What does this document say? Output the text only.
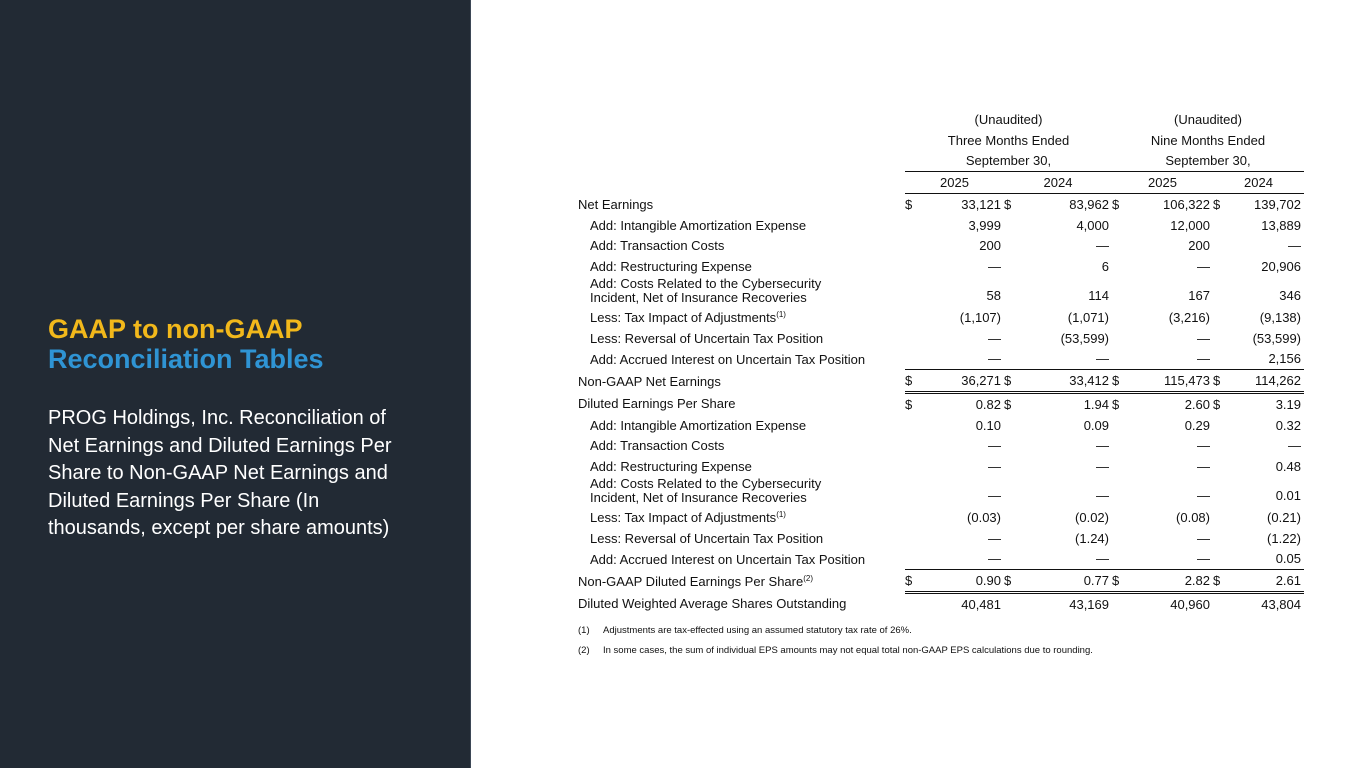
GAAP to non-GAAP
Reconciliation Tables
PROG Holdings, Inc. Reconciliation of Net Earnings and Diluted Earnings Per Share to Non-GAAP Net Earnings and Diluted Earnings Per Share (In thousands, except per share amounts)
	(Unaudited)				(Unaudited)			
	Three Months Ended				Nine Months Ended			
	September 30,				September 30,			
	2025		2024		2025		2024	
Net Earnings	$	33,121	$	83,962	$	106,322	$	139,702
Add: Intangible Amortization Expense		3,999		4,000		12,000		13,889
Add: Transaction Costs		200		—		200		—
Add: Restructuring Expense		—		6		—		20,906
Add: Costs Related to the Cybersecurity
Incident, Net of Insurance Recoveries		58		114		167		346
Less: Tax Impact of Adjustments$^{(1)}$		(1,107)		(1,071)		(3,216)		(9,138)
Less: Reversal of Uncertain Tax Position		—		(53,599)		—		(53,599)
Add: Accrued Interest on Uncertain Tax Position		—		—		—		2,156
Non-GAAP Net Earnings	$	36,271	$	33,412	$	115,473	$	114,262
Diluted Earnings Per Share	$	0.82	$	1.94	$	2.60	$	3.19
Add: Intangible Amortization Expense		0.10		0.09		0.29		0.32
Add: Transaction Costs		—		—		—		—
Add: Restructuring Expense		—		—		—		0.48
Add: Costs Related to the Cybersecurity
Incident, Net of Insurance Recoveries		—		—		—		0.01
Less: Tax Impact of Adjustments$^{(1)}$		(0.03)		(0.02)		(0.08)		(0.21)
Less: Reversal of Uncertain Tax Position		—		(1.24)		—		(1.22)
Add: Accrued Interest on Uncertain Tax Position		—		—		—		0.05
Non-GAAP Diluted Earnings Per Share$^{(2)}$	$	0.90	$	0.77	$	2.82	$	2.61
Diluted Weighted Average Shares Outstanding		40,481		43,169		40,960		43,804
(1) Adjustments are tax-effected using an assumed statutory tax rate of 26%.
(2) In some cases, the sum of individual EPS amounts may not equal total non-GAAP EPS calculations due to rounding.
